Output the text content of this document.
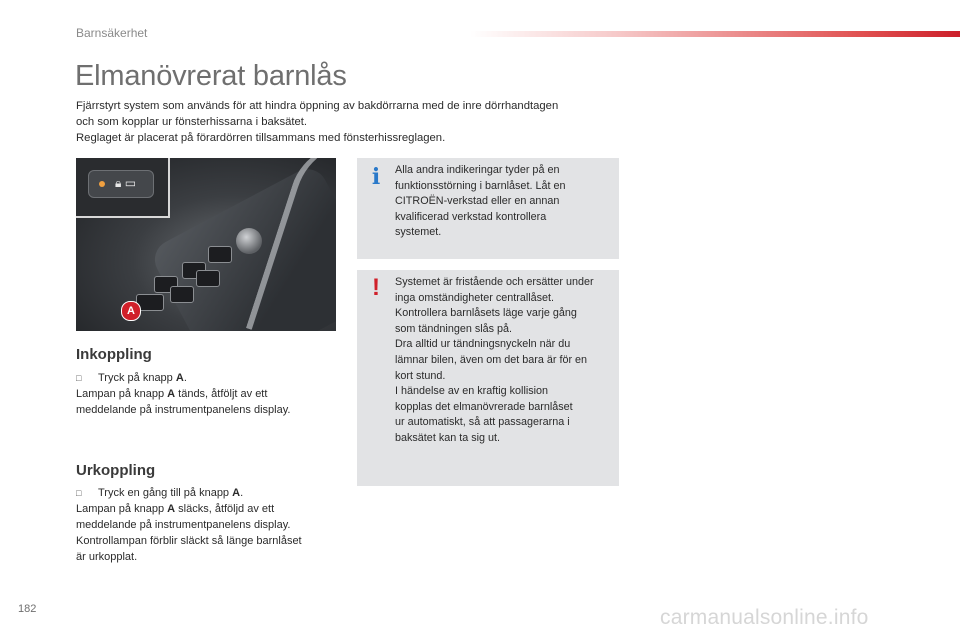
Barnsäkerhet
Elmanövrerat barnlås

Fjärrstyrt system som används för att hindra öppning av bakdörrarna med de inre dörrhandtagen

och som kopplar ur fönsterhissarna i baksätet.

Reglaget är placerat på förardörren tillsammans med fönsterhissreglagen.

A
🔒︎ ▭
Inkoppling

□ Tryck på knapp A.

Lampan på knapp A tänds, åtföljt av ett

meddelande på instrumentpanelens display.

Urkoppling

□ Tryck en gång till på knapp A.

Lampan på knapp A släcks, åtföljd av ett

meddelande på instrumentpanelens display.

Kontrollampan förblir släckt så länge barnlåset

är urkopplat.

i Alla andra indikeringar tyder på en
funktionsstörning i barnlåset. Låt en
CITROËN-verkstad eller en annan
kvalificerad verkstad kontrollera
systemet.
! Systemet är fristående och ersätter under
inga omständigheter centrallåset.
Kontrollera barnlåsets läge varje gång
som tändningen slås på.
Dra alltid ur tändningsnyckeln när du
lämnar bilen, även om det bara är för en
kort stund.
I händelse av en kraftig kollision
kopplas det elmanövrerade barnlåset
ur automatiskt, så att passagerarna i
baksätet kan ta sig ut.
182	carmanualsonline.info
